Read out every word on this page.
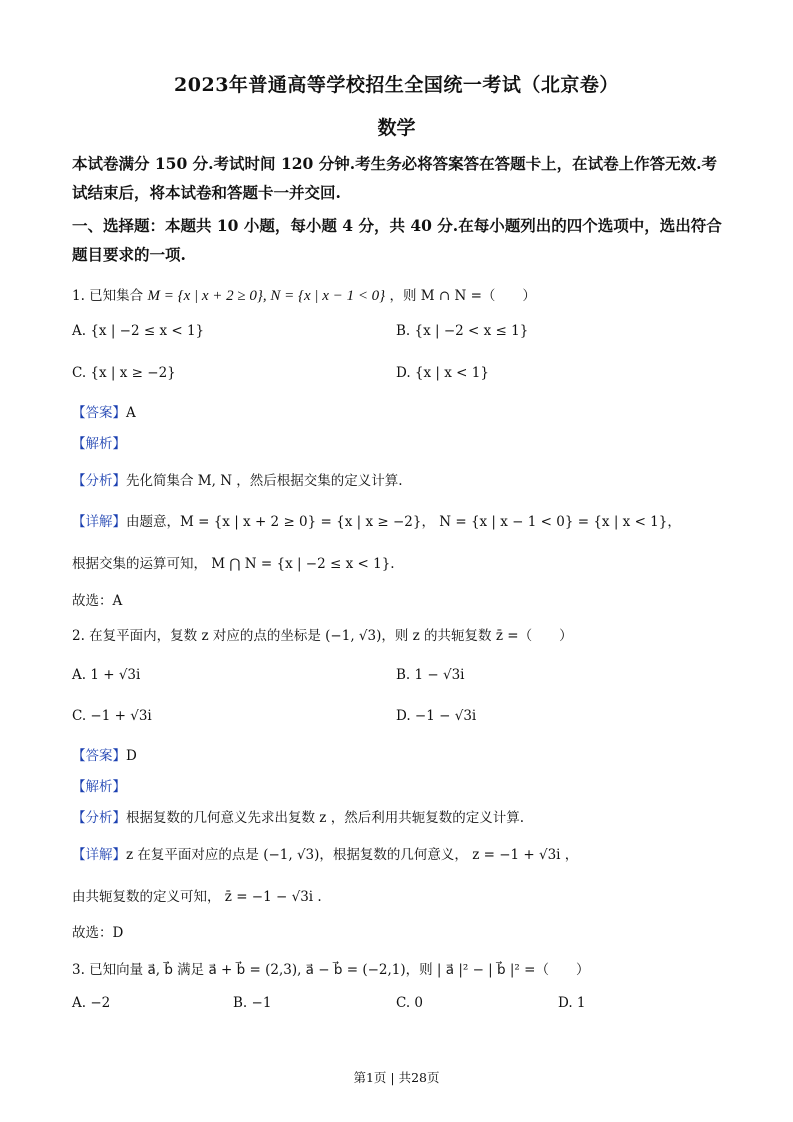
2023年普通高等学校招生全国统一考试（北京卷）
数学
本试卷满分 150 分.考试时间 120 分钟.考生务必将答案答在答题卡上，在试卷上作答无效.考
试结束后，将本试卷和答题卡一并交回.
一、选择题：本题共 10 小题，每小题 4 分，共 40 分.在每小题列出的四个选项中，选出符合
题目要求的一项.
1. 已知集合 M = {x | x + 2 ≥ 0}, N = {x | x − 1 < 0} ，则 M ∩ N =（　　）
A. {x | −2 ≤ x < 1}	B. {x | −2 < x ≤ 1}
C. {x | x ≥ −2}	D. {x | x < 1}
【答案】A
【解析】
【分析】先化简集合 M, N ，然后根据交集的定义计算.
【详解】由题意，M = {x | x + 2 ≥ 0} = {x | x ≥ −2}， N = {x | x − 1 < 0} = {x | x < 1}，
根据交集的运算可知， M ⋂ N = {x | −2 ≤ x < 1}.
故选：A
2. 在复平面内，复数 z 对应的点的坐标是 (−1, √3)，则 z 的共轭复数 z̄ =（　　）
A. 1 + √3i	B. 1 − √3i
C. −1 + √3i	D. −1 − √3i
【答案】D
【解析】
【分析】根据复数的几何意义先求出复数 z ，然后利用共轭复数的定义计算.
【详解】z 在复平面对应的点是 (−1, √3)，根据复数的几何意义， z = −1 + √3i ，
由共轭复数的定义可知， z̄ = −1 − √3i .
故选：D
3. 已知向量 a⃗, b⃗ 满足 a⃗ + b⃗ = (2,3), a⃗ − b⃗ = (−2,1)，则 | a⃗ |² − | b⃗ |² =（　　）
A. −2	B. −1	C. 0	D. 1
第1页 | 共28页
